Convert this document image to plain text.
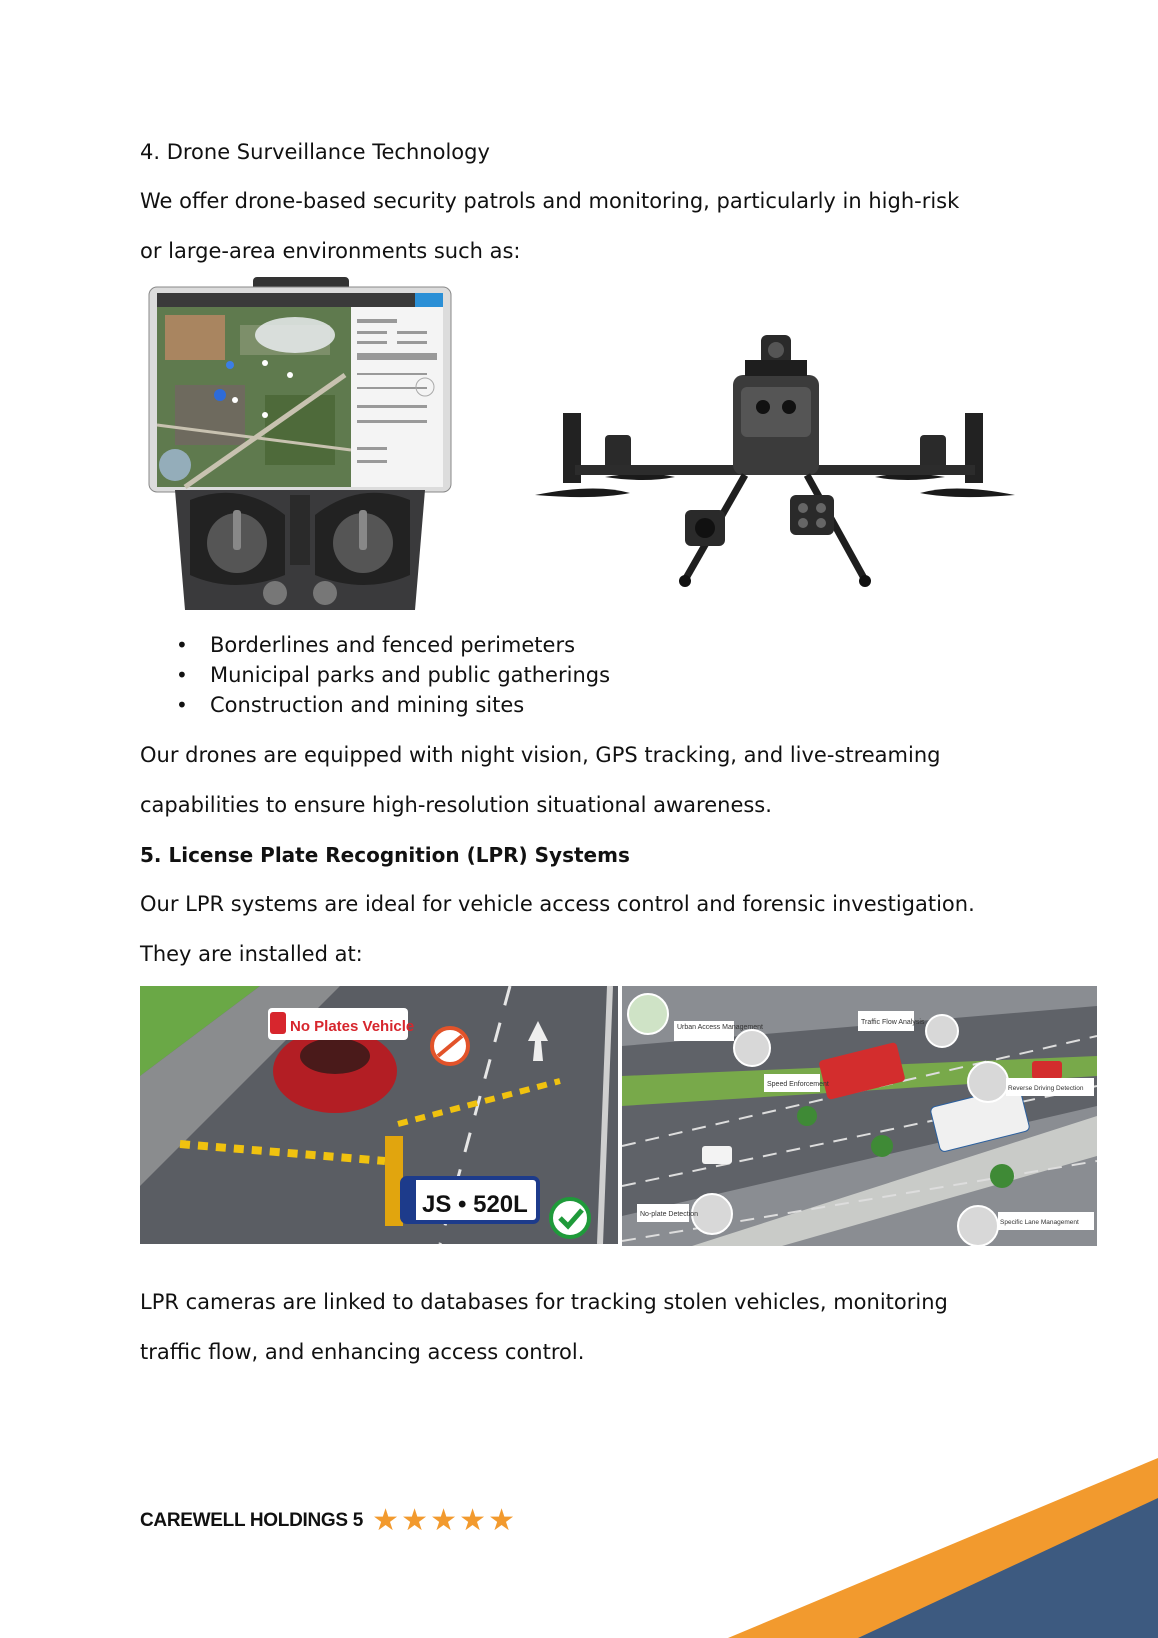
4. Drone Surveillance Technology
We offer drone-based security patrols and monitoring, particularly in high-risk
or large-area environments such as:
• Borderlines and fenced perimeters
• Municipal parks and public gatherings
• Construction and mining sites
Our drones are equipped with night vision, GPS tracking, and live-streaming
capabilities to ensure high-resolution situational awareness.
5. License Plate Recognition (LPR) Systems
Our LPR systems are ideal for vehicle access control and forensic investigation.
They are installed at:
No Plates Vehicle
JS • 520L
Urban Access Management
Traffic Flow Analysis
Speed Enforcement
Reverse Driving Detection
No-plate Detection
Specific Lane Management
LPR cameras are linked to databases for tracking stolen vehicles, monitoring
traffic flow, and enhancing access control.
CAREWELL HOLDINGS 5 ★★★★★
